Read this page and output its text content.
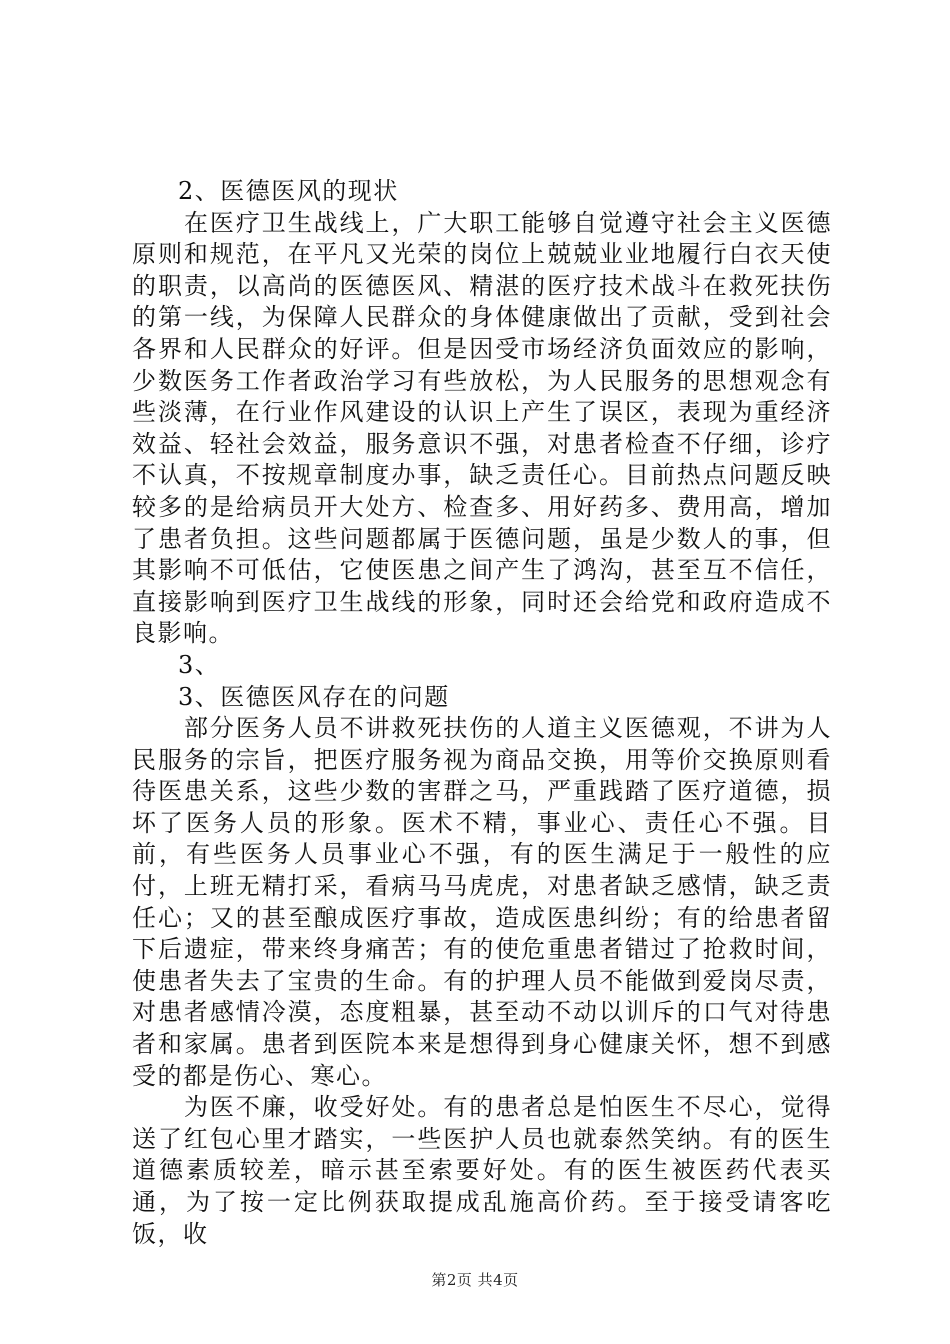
2、医德医风的现状

在医疗卫生战线上，广大职工能够自觉遵守社会主义医德原则和规范，在平凡又光荣的岗位上兢兢业业地履行白衣天使的职责，以高尚的医德医风、精湛的医疗技术战斗在救死扶伤的第一线，为保障人民群众的身体健康做出了贡献，受到社会各界和人民群众的好评。但是因受市场经济负面效应的影响，少数医务工作者政治学习有些放松，为人民服务的思想观念有些淡薄，在行业作风建设的认识上产生了误区，表现为重经济效益、轻社会效益，服务意识不强，对患者检查不仔细，诊疗不认真，不按规章制度办事，缺乏责任心。目前热点问题反映较多的是给病员开大处方、检查多、用好药多、费用高，增加了患者负担。这些问题都属于医德问题，虽是少数人的事，但其影响不可低估，它使医患之间产生了鸿沟，甚至互不信任，直接影响到医疗卫生战线的形象，同时还会给党和政府造成不良影响。

3、

3、医德医风存在的问题

部分医务人员不讲救死扶伤的人道主义医德观，不讲为人民服务的宗旨，把医疗服务视为商品交换，用等价交换原则看待医患关系，这些少数的害群之马，严重践踏了医疗道德，损坏了医务人员的形象。医术不精，事业心、责任心不强。目前，有些医务人员事业心不强，有的医生满足于一般性的应付，上班无精打采，看病马马虎虎，对患者缺乏感情，缺乏责任心；又的甚至酿成医疗事故，造成医患纠纷；有的给患者留下后遗症，带来终身痛苦；有的使危重患者错过了抢救时间，使患者失去了宝贵的生命。有的护理人员不能做到爱岗尽责，对患者感情冷漠，态度粗暴，甚至动不动以训斥的口气对待患者和家属。患者到医院本来是想得到身心健康关怀，想不到感受的都是伤心、寒心。

为医不廉，收受好处。有的患者总是怕医生不尽心，觉得送了红包心里才踏实，一些医护人员也就泰然笑纳。有的医生道德素质较差，暗示甚至索要好处。有的医生被医药代表买通，为了按一定比例获取提成乱施高价药。至于接受请客吃饭，收

第2页 共4页
